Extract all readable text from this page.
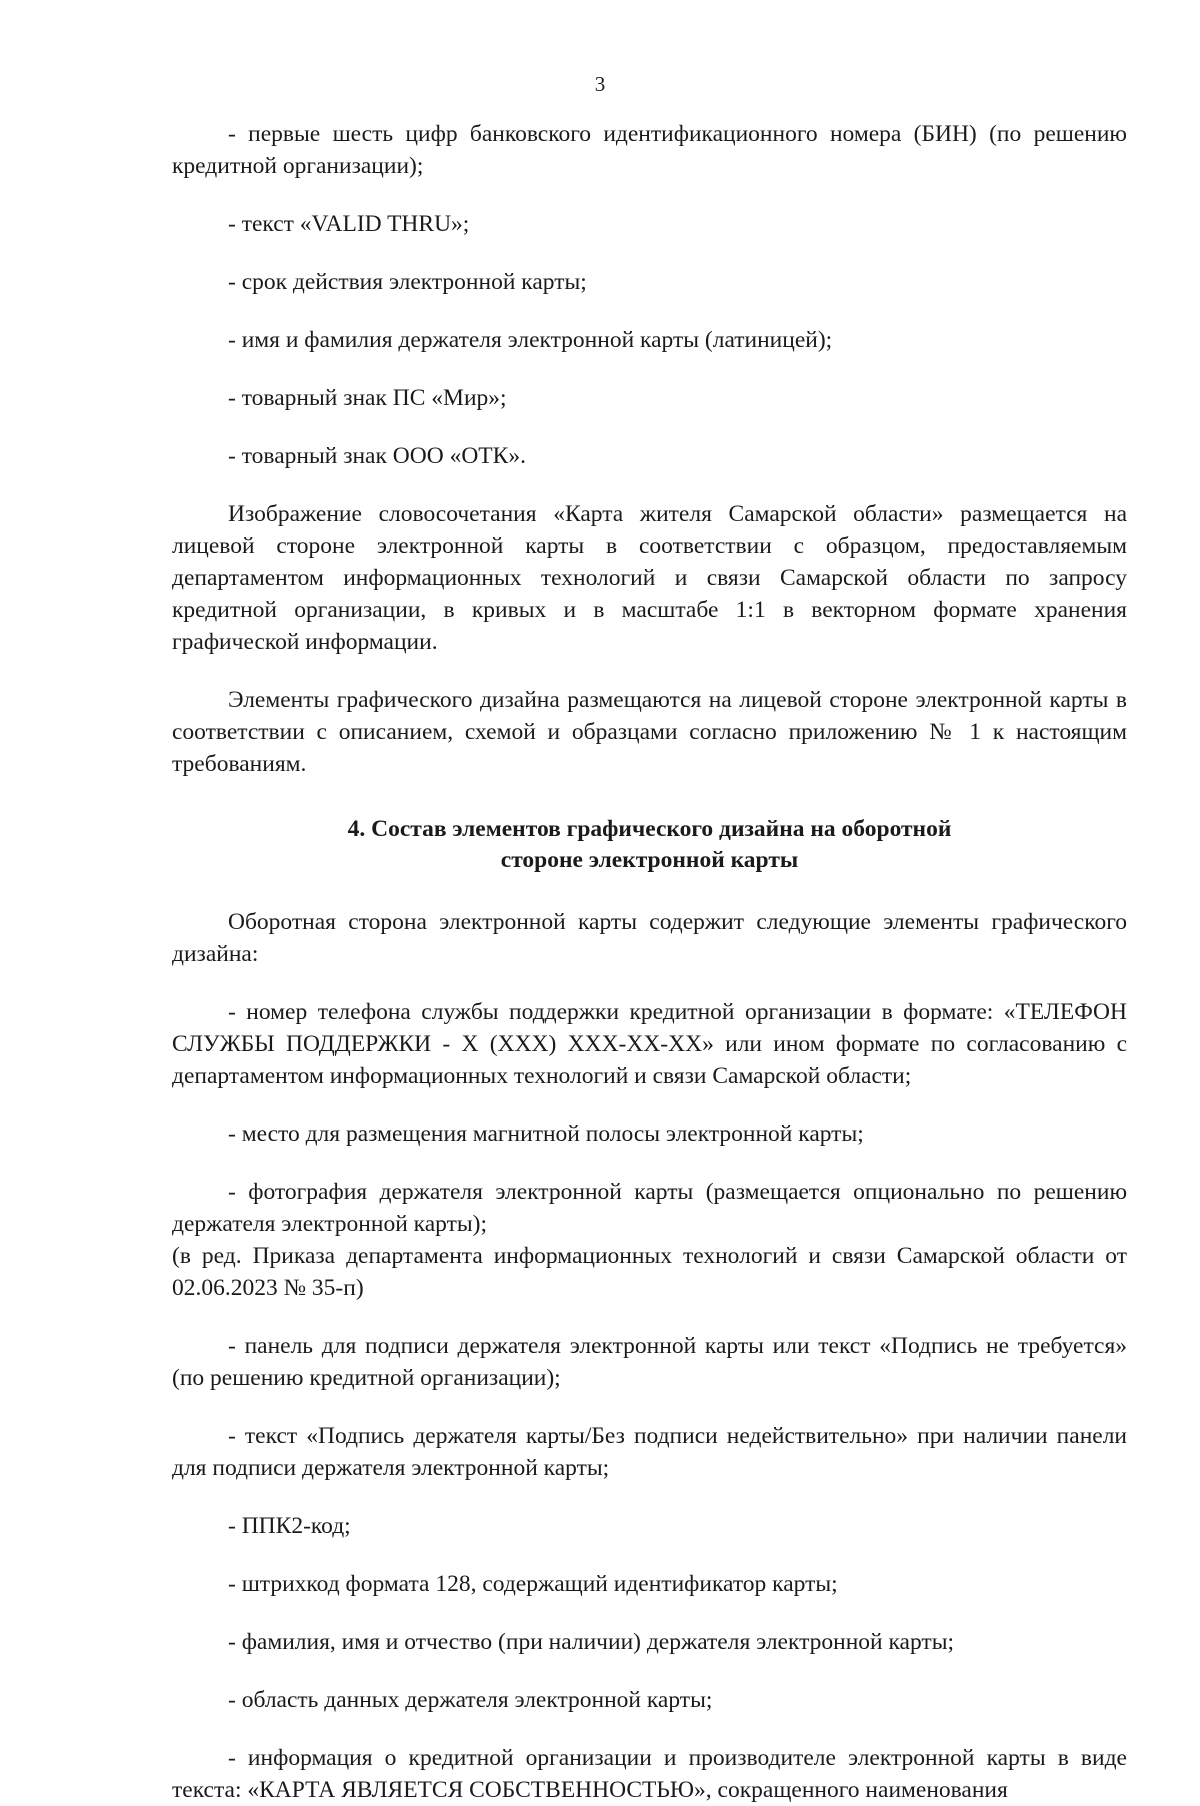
3

- первые шесть цифр банковского идентификационного номера (БИН) (по решению кредитной организации);

- текст «VALID THRU»;

- срок действия электронной карты;

- имя и фамилия держателя электронной карты (латиницей);

- товарный знак ПС «Мир»;

- товарный знак ООО «ОТК».

Изображение словосочетания «Карта жителя Самарской области» размещается на лицевой стороне электронной карты в соответствии с образцом, предоставляемым департаментом информационных технологий и связи Самарской области по запросу кредитной организации, в кривых и в масштабе 1:1 в векторном формате хранения графической информации.

Элементы графического дизайна размещаются на лицевой стороне электронной карты в соответствии с описанием, схемой и образцами согласно приложению № 1 к настоящим требованиям.

4. Состав элементов графического дизайна на оборотной
стороне электронной карты

Оборотная сторона электронной карты содержит следующие элементы графического дизайна:

- номер телефона службы поддержки кредитной организации в формате: «ТЕЛЕФОН СЛУЖБЫ ПОДДЕРЖКИ - Х (ХХХ) ХХХ-ХХ-ХХ» или ином формате по согласованию с департаментом информационных технологий и связи Самарской области;

- место для размещения магнитной полосы электронной карты;

- фотография держателя электронной карты (размещается опционально по решению держателя электронной карты);

(в ред. Приказа департамента информационных технологий и связи Самарской области от 02.06.2023 № 35-п)

- панель для подписи держателя электронной карты или текст «Подпись не требуется» (по решению кредитной организации);

- текст «Подпись держателя карты/Без подписи недействительно» при наличии панели для подписи держателя электронной карты;

- ППК2-код;

- штрихкод формата 128, содержащий идентификатор карты;

- фамилия, имя и отчество (при наличии) держателя электронной карты;

- область данных держателя электронной карты;

- информация о кредитной организации и производителе электронной карты в виде текста: «КАРТА ЯВЛЯЕТСЯ СОБСТВЕННОСТЬЮ», сокращенного наименования
